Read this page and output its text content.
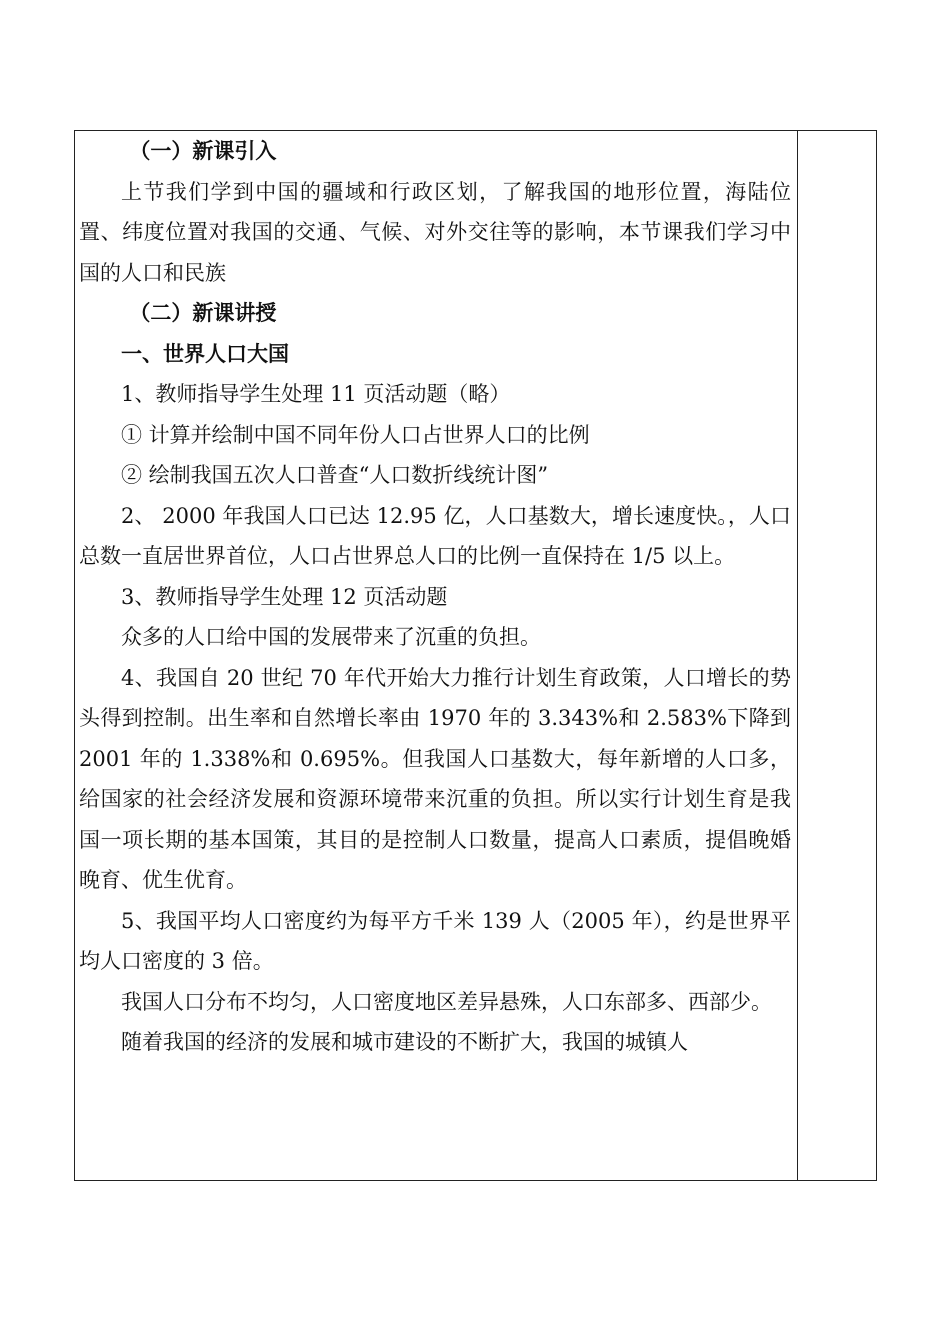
（一）新课引入

上节我们学到中国的疆域和行政区划，了解我国的地形位置，海陆位置、纬度位置对我国的交通、气候、对外交往等的影响，本节课我们学习中国的人口和民族

（二）新课讲授

一、世界人口大国

1、教师指导学生处理 11 页活动题（略）

① 计算并绘制中国不同年份人口占世界人口的比例

② 绘制我国五次人口普查“人口数折线统计图”

2、 2000 年我国人口已达 12.95 亿，人口基数大，增长速度快。，人口总数一直居世界首位，人口占世界总人口的比例一直保持在 1/5 以上。

3、教师指导学生处理 12 页活动题

众多的人口给中国的发展带来了沉重的负担。

4、我国自 20 世纪 70 年代开始大力推行计划生育政策，人口增长的势头得到控制。出生率和自然增长率由 1970 年的 3.343%和 2.583%下降到 2001 年的 1.338%和 0.695%。但我国人口基数大，每年新增的人口多，给国家的社会经济发展和资源环境带来沉重的负担。所以实行计划生育是我国一项长期的基本国策，其目的是控制人口数量，提高人口素质，提倡晚婚晚育、优生优育。

5、我国平均人口密度约为每平方千米 139 人（2005 年），约是世界平均人口密度的 3 倍。

我国人口分布不均匀，人口密度地区差异悬殊，人口东部多、西部少。

随着我国的经济的发展和城市建设的不断扩大，我国的城镇人
